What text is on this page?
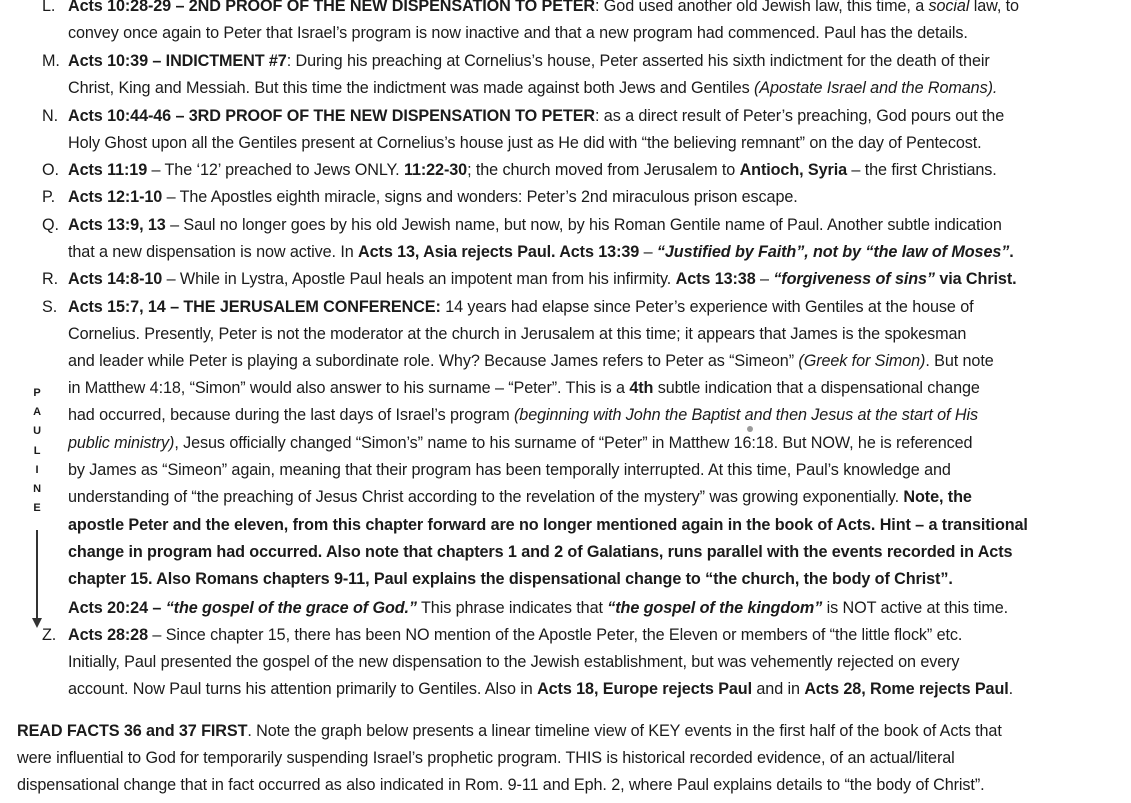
L. Acts 10:28-29 – 2ND PROOF OF THE NEW DISPENSATION TO PETER: God used another old Jewish law, this time, a social law, to
convey once again to Peter that Israel’s program is now inactive and that a new program had commenced. Paul has the details.
M. Acts 10:39 – INDICTMENT #7: During his preaching at Cornelius’s house, Peter asserted his sixth indictment for the death of their
Christ, King and Messiah. But this time the indictment was made against both Jews and Gentiles (Apostate Israel and the Romans).
N. Acts 10:44-46 – 3RD PROOF OF THE NEW DISPENSATION TO PETER: as a direct result of Peter’s preaching, God pours out the
Holy Ghost upon all the Gentiles present at Cornelius’s house just as He did with “the believing remnant” on the day of Pentecost.
O. Acts 11:19 – The ‘12’ preached to Jews ONLY. 11:22-30; the church moved from Jerusalem to Antioch, Syria – the first Christians.
P. Acts 12:1-10 – The Apostles eighth miracle, signs and wonders: Peter’s 2nd miraculous prison escape.
Q. Acts 13:9, 13 – Saul no longer goes by his old Jewish name, but now, by his Roman Gentile name of Paul. Another subtle indication
that a new dispensation is now active. In Acts 13, Asia rejects Paul. Acts 13:39 – “Justified by Faith”, not by “the law of Moses”.
R. Acts 14:8-10 – While in Lystra, Apostle Paul heals an impotent man from his infirmity. Acts 13:38 – “forgiveness of sins” via Christ.
S. Acts 15:7, 14 – THE JERUSALEM CONFERENCE: 14 years had elapse since Peter’s experience with Gentiles at the house of
Cornelius. Presently, Peter is not the moderator at the church in Jerusalem at this time; it appears that James is the spokesman
and leader while Peter is playing a subordinate role. Why? Because James refers to Peter as “Simeon” (Greek for Simon). But note
in Matthew 4:18, “Simon” would also answer to his surname – “Peter”. This is a 4th subtle indication that a dispensational change
had occurred, because during the last days of Israel’s program (beginning with John the Baptist and then Jesus at the start of His
public ministry), Jesus officially changed “Simon’s” name to his surname of “Peter” in Matthew 16:18. But NOW, he is referenced
by James as “Simeon” again, meaning that their program has been temporally interrupted. At this time, Paul’s knowledge and
understanding of “the preaching of Jesus Christ according to the revelation of the mystery” was growing exponentially. Note, the
apostle Peter and the eleven, from this chapter forward are no longer mentioned again in the book of Acts. Hint – a transitional
change in program had occurred. Also note that chapters 1 and 2 of Galatians, runs parallel with the events recorded in Acts
chapter 15. Also Romans chapters 9-11, Paul explains the dispensational change to “the church, the body of Christ”.
Acts 20:24 – “the gospel of the grace of God.” This phrase indicates that “the gospel of the kingdom” is NOT active at this time.
Z. Acts 28:28 – Since chapter 15, there has been NO mention of the Apostle Peter, the Eleven or members of “the little flock” etc.
Initially, Paul presented the gospel of the new dispensation to the Jewish establishment, but was vehemently rejected on every
account. Now Paul turns his attention primarily to Gentiles. Also in Acts 18, Europe rejects Paul and in Acts 28, Rome rejects Paul.
READ FACTS 36 and 37 FIRST. Note the graph below presents a linear timeline view of KEY events in the first half of the book of Acts that
were influential to God for temporarily suspending Israel’s prophetic program. THIS is historical recorded evidence, of an actual/literal
dispensational change that in fact occurred as also indicated in Rom. 9-11 and Eph. 2, where Paul explains details to “the body of Christ”.
P
A
U
L
I
N
E
